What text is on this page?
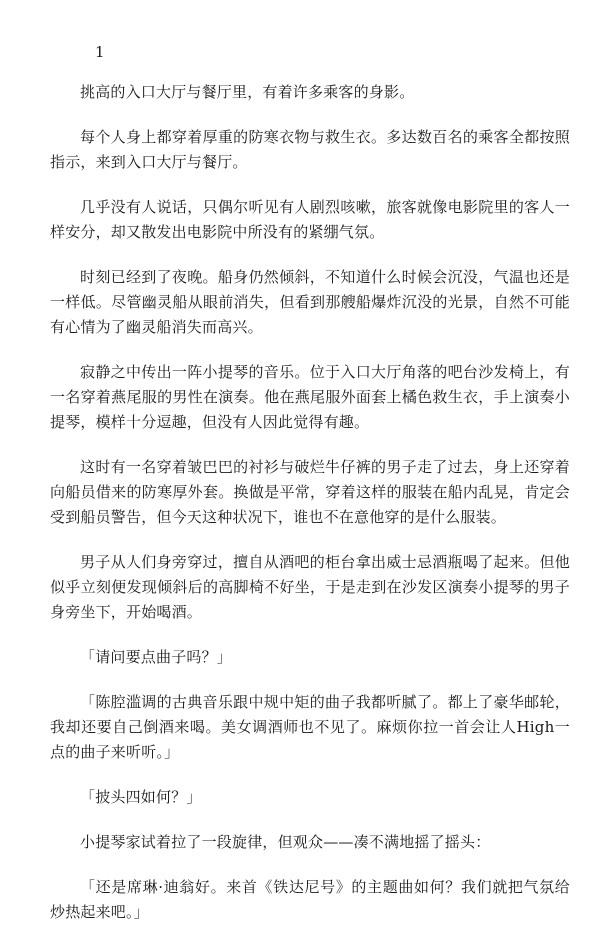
1

挑高的入口大厅与餐厅里，有着许多乘客的身影。

每个人身上都穿着厚重的防寒衣物与救生衣。多达数百名的乘客全都按照指示，来到入口大厅与餐厅。

几乎没有人说话，只偶尔听见有人剧烈咳嗽，旅客就像电影院里的客人一样安分，却又散发出电影院中所没有的紧绷气氛。

时刻已经到了夜晚。船身仍然倾斜，不知道什么时候会沉没，气温也还是一样低。尽管幽灵船从眼前消失，但看到那艘船爆炸沉没的光景，自然不可能有心情为了幽灵船消失而高兴。

寂静之中传出一阵小提琴的音乐。位于入口大厅角落的吧台沙发椅上，有一名穿着燕尾服的男性在演奏。他在燕尾服外面套上橘色救生衣，手上演奏小提琴，模样十分逗趣，但没有人因此觉得有趣。

这时有一名穿着皱巴巴的衬衫与破烂牛仔裤的男子走了过去，身上还穿着向船员借来的防寒厚外套。换做是平常，穿着这样的服装在船内乱晃，肯定会受到船员警告，但今天这种状况下，谁也不在意他穿的是什么服装。

男子从人们身旁穿过，擅自从酒吧的柜台拿出威士忌酒瓶喝了起来。但他似乎立刻便发现倾斜后的高脚椅不好坐，于是走到在沙发区演奏小提琴的男子身旁坐下，开始喝酒。

「请问要点曲子吗？」

「陈腔滥调的古典音乐跟中规中矩的曲子我都听腻了。都上了豪华邮轮，我却还要自己倒酒来喝。美女调酒师也不见了。麻烦你拉一首会让人High一点的曲子来听听。」

「披头四如何？」

小提琴家试着拉了一段旋律，但观众——凑不满地摇了摇头：

「还是席琳·迪翁好。来首《铁达尼号》的主题曲如何？我们就把气氛给炒热起来吧。」
